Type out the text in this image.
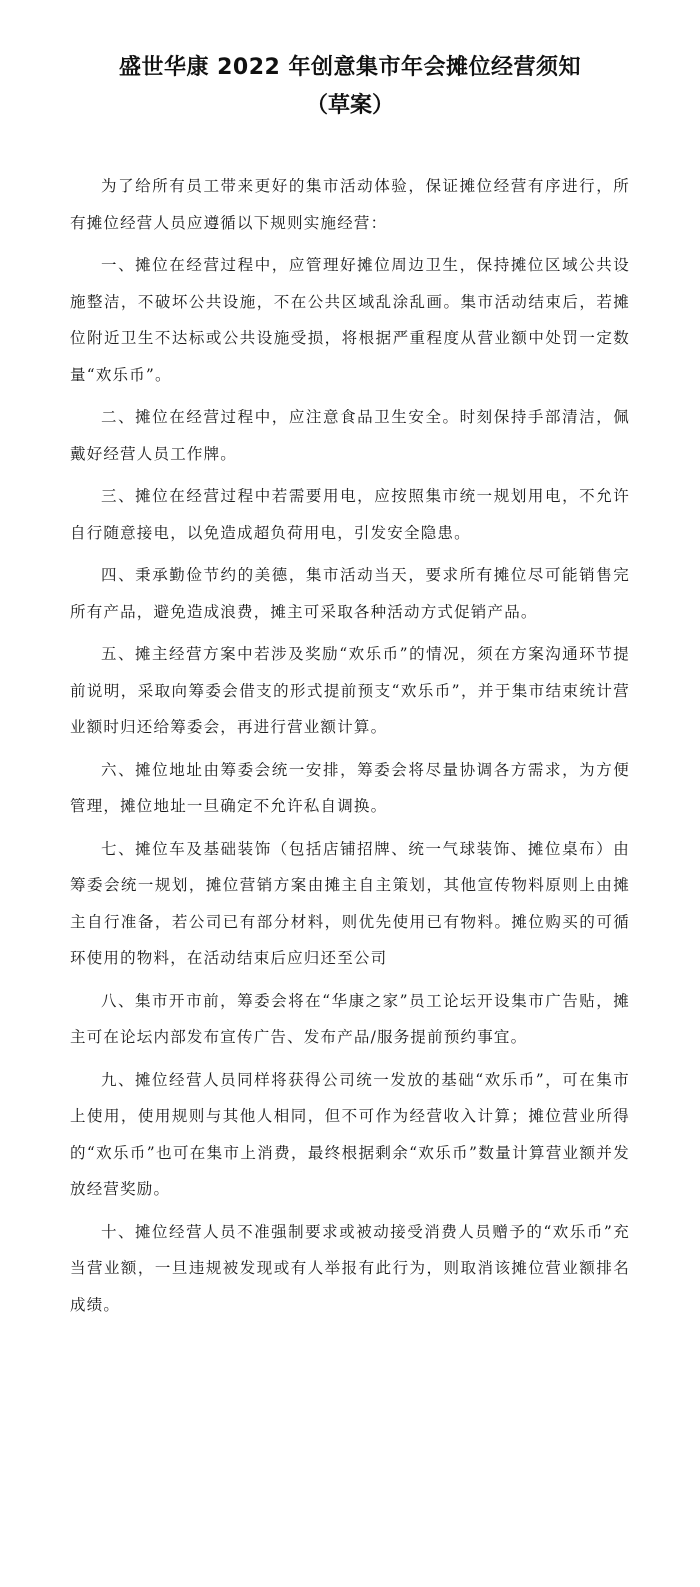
盛世华康 2022 年创意集市年会摊位经营须知
（草案）

为了给所有员工带来更好的集市活动体验，保证摊位经营有序进行，所有摊位经营人员应遵循以下规则实施经营：

一、摊位在经营过程中，应管理好摊位周边卫生，保持摊位区域公共设施整洁，不破坏公共设施，不在公共区域乱涂乱画。集市活动结束后，若摊位附近卫生不达标或公共设施受损，将根据严重程度从营业额中处罚一定数量“欢乐币”。

二、摊位在经营过程中，应注意食品卫生安全。时刻保持手部清洁，佩戴好经营人员工作牌。

三、摊位在经营过程中若需要用电，应按照集市统一规划用电，不允许自行随意接电，以免造成超负荷用电，引发安全隐患。

四、秉承勤俭节约的美德，集市活动当天，要求所有摊位尽可能销售完所有产品，避免造成浪费，摊主可采取各种活动方式促销产品。

五、摊主经营方案中若涉及奖励“欢乐币”的情况，须在方案沟通环节提前说明，采取向筹委会借支的形式提前预支“欢乐币”，并于集市结束统计营业额时归还给筹委会，再进行营业额计算。

六、摊位地址由筹委会统一安排，筹委会将尽量协调各方需求，为方便管理，摊位地址一旦确定不允许私自调换。

七、摊位车及基础装饰（包括店铺招牌、统一气球装饰、摊位桌布）由筹委会统一规划，摊位营销方案由摊主自主策划，其他宣传物料原则上由摊主自行准备，若公司已有部分材料，则优先使用已有物料。摊位购买的可循环使用的物料，在活动结束后应归还至公司

八、集市开市前，筹委会将在“华康之家”员工论坛开设集市广告贴，摊主可在论坛内部发布宣传广告、发布产品/服务提前预约事宜。

九、摊位经营人员同样将获得公司统一发放的基础“欢乐币”，可在集市上使用，使用规则与其他人相同，但不可作为经营收入计算；摊位营业所得的“欢乐币”也可在集市上消费，最终根据剩余“欢乐币”数量计算营业额并发放经营奖励。

十、摊位经营人员不准强制要求或被动接受消费人员赠予的“欢乐币”充当营业额，一旦违规被发现或有人举报有此行为，则取消该摊位营业额排名成绩。
